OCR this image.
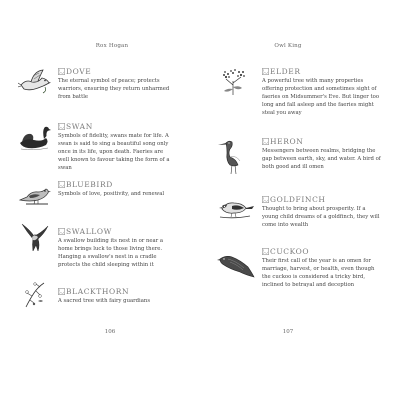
Rox Hogan
DOVE
The eternal symbol of peace; protects warriors, ensuring they return unharmed from battle
SWAN
Symbols of fidelity, swans mate for life. A swan is said to sing a beautiful song only once in its life, upon death. Faeries are well known to favour taking the form of a swan
BLUEBIRD
Symbols of love, positivity, and renewal
SWALLOW
A swallow building its nest in or near a home brings luck to those living there. Hanging a swallow's nest in a cradle protects the child sleeping within it
BLACKTHORN
A sacred tree with fairy guardians
106
Owl King
ELDER
A powerful tree with many properties offering protection and sometimes sight of faeries on Midsummer's Eve. But linger too long and fall asleep and the faeries might steal you away
HERON
Messengers between realms, bridging the gap between earth, sky, and water. A bird of both good and ill omen
GOLDFINCH
Thought to bring about prosperity. If a young child dreams of a goldfinch, they will come into wealth
CUCKOO
Their first call of the year is an omen for marriage, harvest, or health, even though the cuckoo is considered a tricky bird, inclined to betrayal and deception
107
